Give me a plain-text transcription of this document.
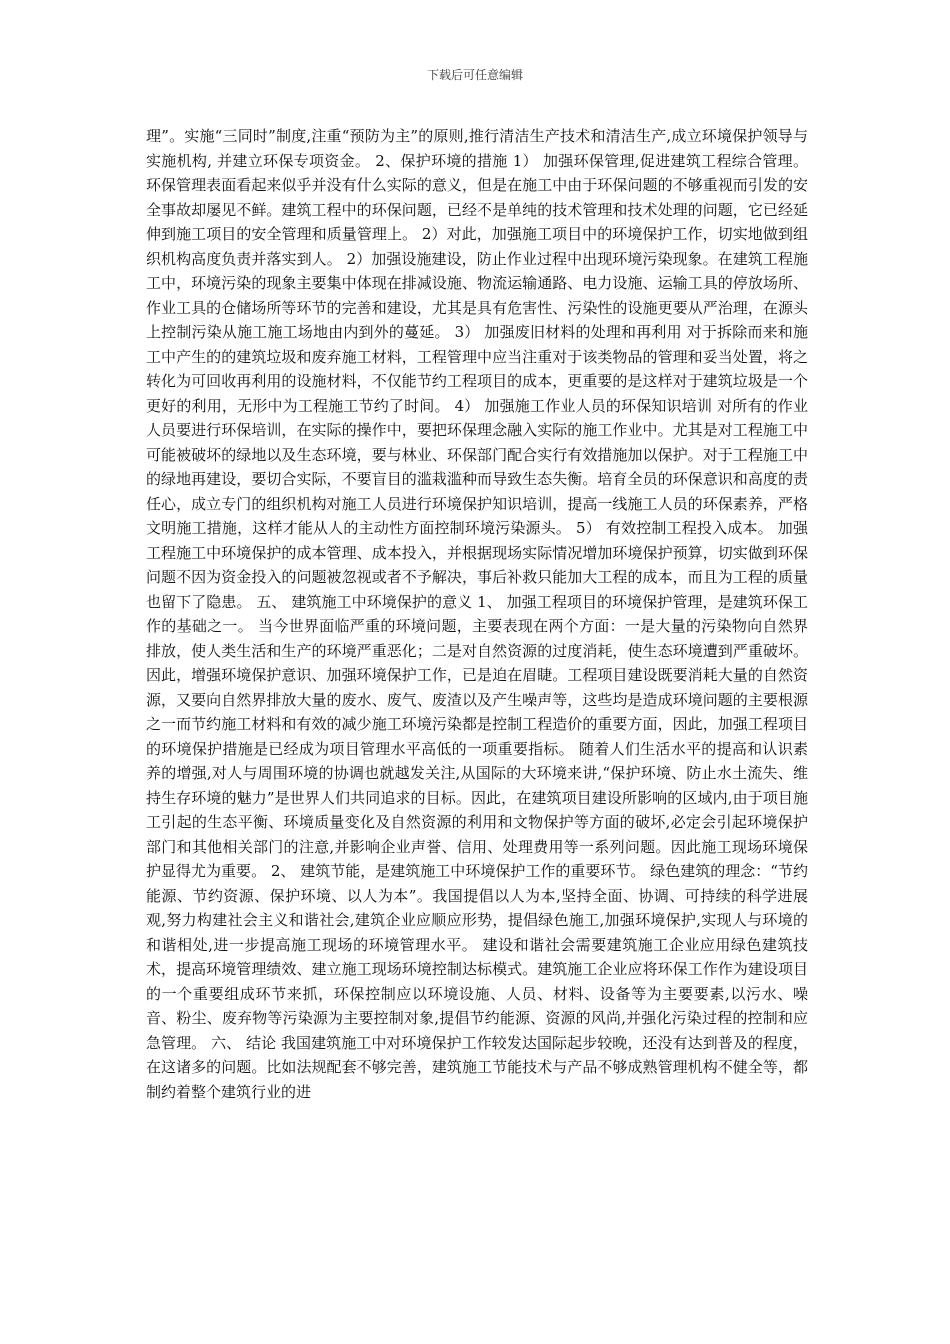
下载后可任意编辑

理”。实施“三同时”制度,注重“预防为主”的原则,推行清洁生产技术和清洁生产,成立环境保护领导与实施机构, 并建立环保专项资金。 2、保护环境的措施 1） 加强环保管理,促进建筑工程综合管理。环保管理表面看起来似乎并没有什么实际的意义，但是在施工中由于环保问题的不够重视而引发的安全事故却屡见不鲜。建筑工程中的环保问题，已经不是单纯的技术管理和技术处理的问题，它已经延伸到施工项目的安全管理和质量管理上。 2）对此，加强施工项目中的环境保护工作，切实地做到组织机构高度负责并落实到人。 2）加强设施建设，防止作业过程中出现环境污染现象。在建筑工程施工中，环境污染的现象主要集中体现在排减设施、物流运输通路、电力设施、运输工具的停放场所、作业工具的仓储场所等环节的完善和建设，尤其是具有危害性、污染性的设施更要从严治理，在源头上控制污染从施工施工场地由内到外的蔓延。 3） 加强废旧材料的处理和再利用 对于拆除而来和施工中产生的的建筑垃圾和废弃施工材料，工程管理中应当注重对于该类物品的管理和妥当处置，将之转化为可回收再利用的设施材料，不仅能节约工程项目的成本，更重要的是这样对于建筑垃圾是一个更好的利用，无形中为工程施工节约了时间。 4） 加强施工作业人员的环保知识培训 对所有的作业人员要进行环保培训，在实际的操作中，要把环保理念融入实际的施工作业中。尤其是对工程施工中可能被破坏的绿地以及生态环境，要与林业、环保部门配合实行有效措施加以保护。对于工程施工中的绿地再建设，要切合实际，不要盲目的滥栽滥种而导致生态失衡。培育全员的环保意识和高度的责任心，成立专门的组织机构对施工人员进行环境保护知识培训，提高一线施工人员的环保素养，严格文明施工措施，这样才能从人的主动性方面控制环境污染源头。 5） 有效控制工程投入成本。 加强工程施工中环境保护的成本管理、成本投入，并根据现场实际情况增加环境保护预算，切实做到环保问题不因为资金投入的问题被忽视或者不予解决，事后补救只能加大工程的成本，而且为工程的质量也留下了隐患。 五、 建筑施工中环境保护的意义 1、 加强工程项目的环境保护管理，是建筑环保工作的基础之一。 当今世界面临严重的环境问题，主要表现在两个方面：一是大量的污染物向自然界排放，使人类生活和生产的环境严重恶化；二是对自然资源的过度消耗，使生态环境遭到严重破坏。因此，增强环境保护意识、加强环境保护工作，已是迫在眉睫。工程项目建设既要消耗大量的自然资源，又要向自然界排放大量的废水、废气、废渣以及产生噪声等，这些均是造成环境问题的主要根源之一而节约施工材料和有效的减少施工环境污染都是控制工程造价的重要方面，因此，加强工程项目的环境保护措施是已经成为项目管理水平高低的一项重要指标。 随着人们生活水平的提高和认识素养的增强,对人与周围环境的协调也就越发关注,从国际的大环境来讲,“保护环境、防止水土流失、维持生存环境的魅力”是世界人们共同追求的目标。因此，在建筑项目建设所影响的区域内,由于项目施工引起的生态平衡、环境质量变化及自然资源的利用和文物保护等方面的破坏,必定会引起环境保护部门和其他相关部门的注意,并影响企业声誉、信用、处理费用等一系列问题。因此施工现场环境保护显得尤为重要。 2、 建筑节能，是建筑施工中环境保护工作的重要环节。 绿色建筑的理念：“节约能源、节约资源、保护环境、以人为本”。我国提倡以人为本,坚持全面、协调、可持续的科学进展观,努力构建社会主义和谐社会,建筑企业应顺应形势，提倡绿色施工,加强环境保护,实现人与环境的和谐相处,进一步提高施工现场的环境管理水平。 建设和谐社会需要建筑施工企业应用绿色建筑技术，提高环境管理绩效、建立施工现场环境控制达标模式。建筑施工企业应将环保工作作为建设项目的一个重要组成环节来抓，环保控制应以环境设施、人员、材料、设备等为主要要素,以污水、噪音、粉尘、废弃物等污染源为主要控制对象,提倡节约能源、资源的风尚,并强化污染过程的控制和应急管理。 六、 结论 我国建筑施工中对环境保护工作较发达国际起步较晚，还没有达到普及的程度，在这诸多的问题。比如法规配套不够完善，建筑施工节能技术与产品不够成熟管理机构不健全等，都制约着整个建筑行业的进
